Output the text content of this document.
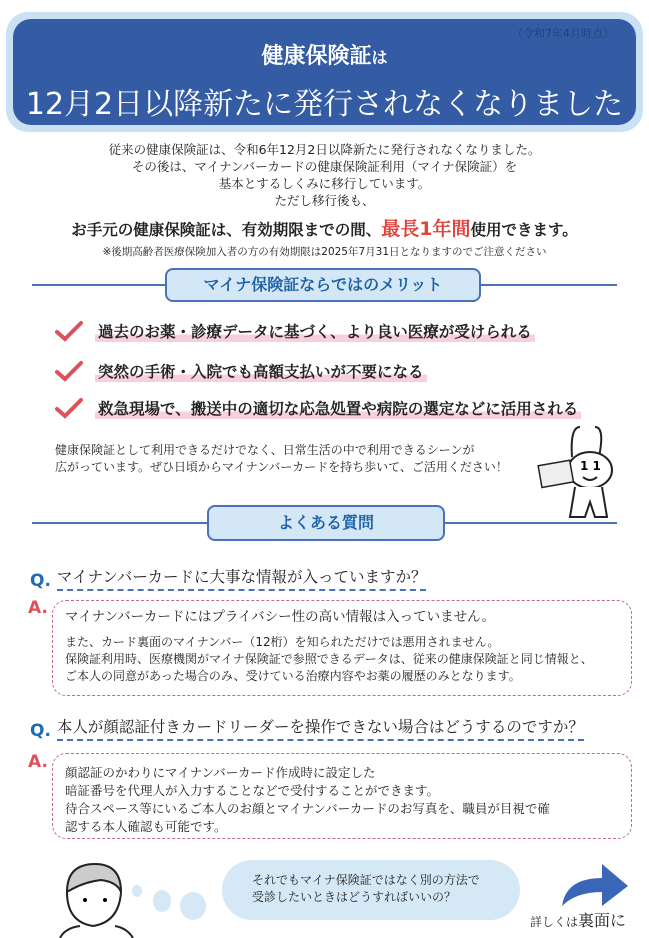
（令和7年4月時点）
健康保険証は
12月2日以降新たに発行されなくなりました
従来の健康保険証は、令和6年12月2日以降新たに発行されなくなりました。
その後は、マイナンバーカードの健康保険証利用（マイナ保険証）を
基本とするしくみに移行しています。
ただし移行後も、
お手元の健康保険証は、有効期限までの間、最長1年間使用できます。
※後期高齢者医療保険加入者の方の有効期限は2025年7月31日となりますのでご注意ください
マイナ保険証ならではのメリット
過去のお薬・診療データに基づく、より良い医療が受けられる
突然の手術・入院でも高額支払いが不要になる
救急現場で、搬送中の適切な応急処置や病院の選定などに活用される
健康保険証として利用できるだけでなく、日常生活の中で利用できるシーンが
広がっています。ぜひ日頃からマイナンバーカードを持ち歩いて、ご活用ください！	1 1
よくある質問
Q. マイナンバーカードに大事な情報が入っていますか？
A. マイナンバーカードにはプライバシー性の高い情報は入っていません。
また、カード裏面のマイナンバー（12桁）を知られただけでは悪用されません。
保険証利用時、医療機関がマイナ保険証で参照できるデータは、従来の健康保険証と同じ情報と、
ご本人の同意があった場合のみ、受けている治療内容やお薬の履歴のみとなります。
Q. 本人が顔認証付きカードリーダーを操作できない場合はどうするのですか？
A.
顔認証のかわりにマイナンバーカード作成時に設定した
暗証番号を代理人が入力することなどで受付することができます。
待合スペース等にいるご本人のお顔とマイナンバーカードのお写真を、職員が目視で確
認する本人確認も可能です。
それでもマイナ保険証ではなく別の方法で
受診したいときはどうすればいいの？
詳しくは裏面に
